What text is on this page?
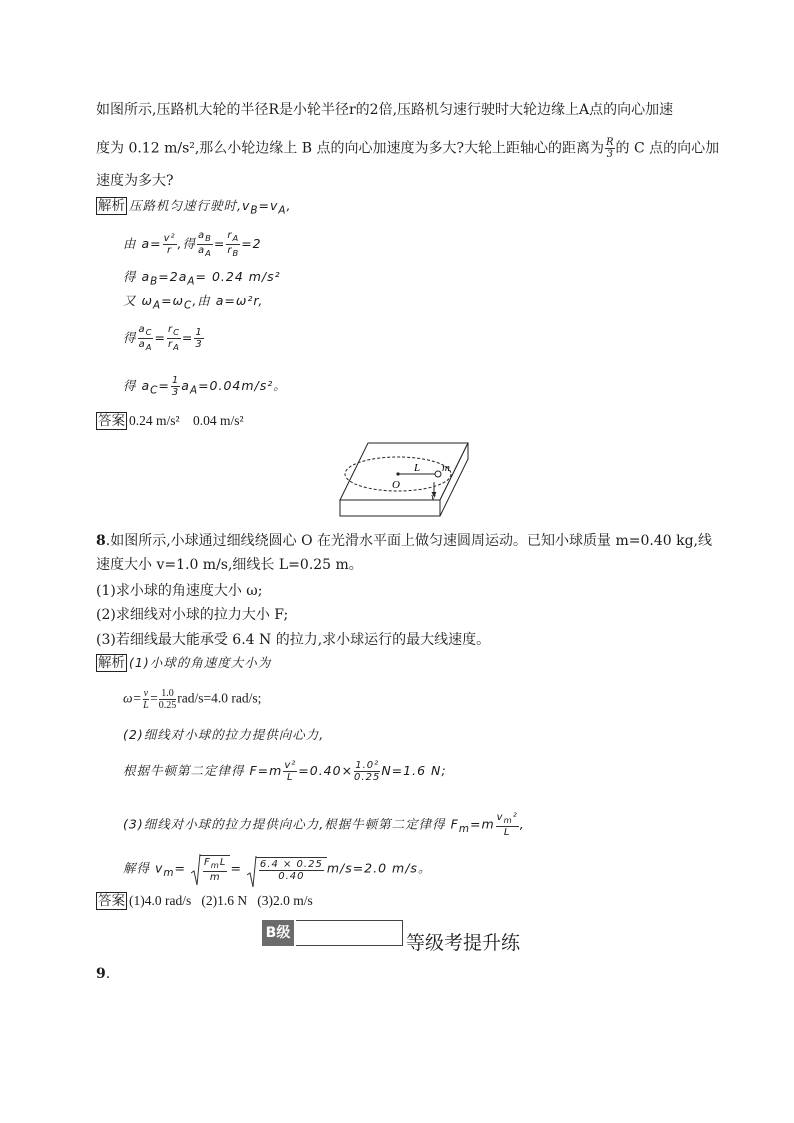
如图所示,压路机大轮的半径R是小轮半径r的2倍,压路机匀速行驶时大轮边缘上A点的向心加速
度为 0.12 m/s²,那么小轮边缘上 B 点的向心加速度为多大?大轮上距轴心的距离为 $\frac{R}{3}$ 的 C 点的向心加
速度为多大?
解析 压路机匀速行驶时$,v_B=v_A$,
由 $a= \frac{\text{v²}}{r}$ ,得 $\frac{a_B}{a_A} = \frac{r_A}{r_B} =2$
得 $a_B=2a_A= 0.24$ m/s²
又 $\omega_A=\omega_C$,由 a=ω²r,
得 $\frac{a_C}{a_A} = \frac{r_C}{r_A} = \frac{1}{3}$
得 $a_C= \frac{1}{3} a_A=0.04m/s^2$。
答案 0.24 m/s²    0.04 m/s²
O
L m
v
8.如图所示,小球通过细线绕圆心 O 在光滑水平面上做匀速圆周运动。已知小球质量 m=0.40 kg,线
速度大小 v=1.0 m/s,细线长 L=0.25 m。
(1)求小球的角速度大小 ω;
(2)求细线对小球的拉力大小 F;
(3)若细线最大能承受 6.4 N 的拉力,求小球运行的最大线速度。
解析 (1)小球的角速度大小为
$\omega= \frac{v}{L} = \frac{1.0}{0.25} rad/s=4.0$ rad/s;
(2)细线对小球的拉力提供向心力,
根据牛顿第二定律得 $F=m \frac{\text{v²}}{L} =0.40\times \frac{\text{1.0²}}{0.25} N=1.6$ N;
(3)细线对小球的拉力提供向心力,根据牛顿第二定律得 $F_m=m \frac{v_m^2}{L}$ ,
解得 $v_m= \frac{F_mL}{m} = \frac{6.4 \times 0.25}{0.40} m/s=2.0$ m/s。
答案 (1)4.0 rad/s   (2)1.6 N   (3)2.0 m/s
B级	等级考提升练
9.
